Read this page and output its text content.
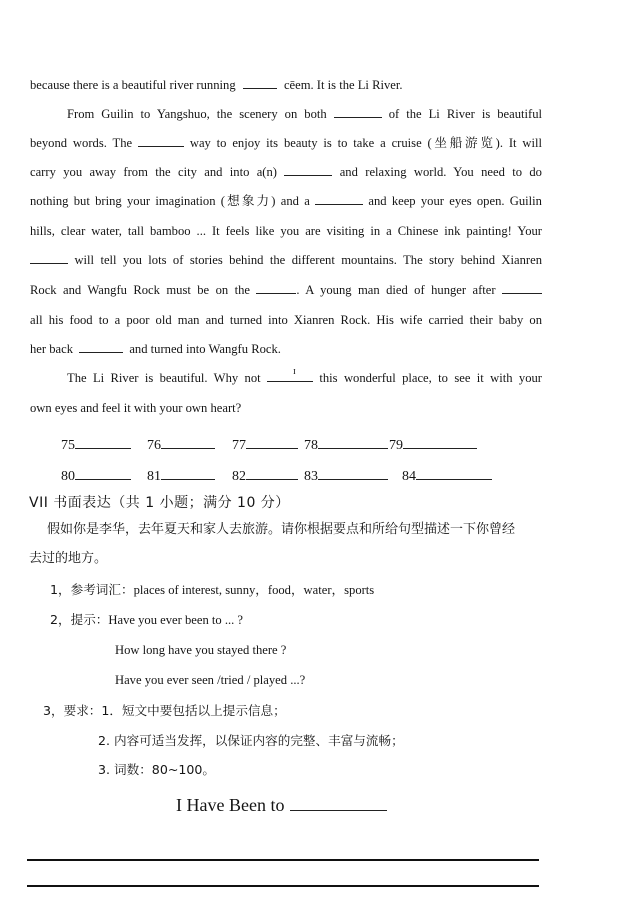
because there is a beautiful river running	cēem. It is the Li River.
From Guilin to Yangshuo, the scenery on both	of the Li River is beautiful
beyond words. The	way to enjoy its beauty is to take a cruise (坐船游览). It will
carry you away from the city and into a(n)	and relaxing world. You need to do
nothing but bring your imagination (想象力) and a	and keep your eyes open. Guilin
hills, clear water, tall bamboo ... It feels like you are visiting in a Chinese ink painting! Your
will tell you lots of stories behind the different mountains. The story behind Xianren
Rock and Wangfu Rock must be on the	. A young man died of hunger after
all his food to a poor old man and turned into Xianren Rock. His wife carried their baby on
her back	and turned into Wangfu Rock.
The Li River is beautiful. Why not	ɪ this wonderful place, to see it with your
own eyes and feel it with your own heart?
75	76	77	78	79
80	81	82	83	84
VII 书面表达（共 1 小题；满分 10 分）
假如你是李华，去年夏天和家人去旅游。请你根据要点和所给句型描述一下你曾经
去过的地方。
1，参考词汇：places of interest, sunny，food，water，sports
2，提示：Have you ever been to ... ?
How long have you stayed there ?
Have you ever seen /tried / played ...?
3，要求：1．短文中要包括以上提示信息；
2. 内容可适当发挥，以保证内容的完整、丰富与流畅；
3. 词数：80~100。
I Have Been to
